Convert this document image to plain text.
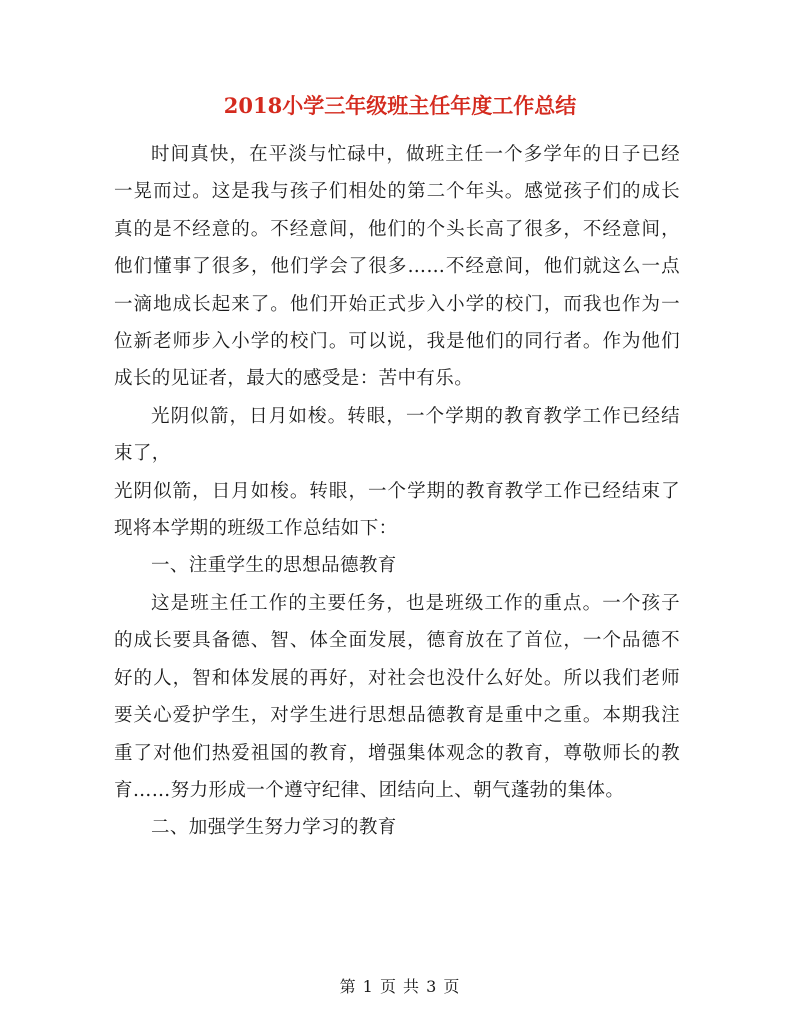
2018小学三年级班主任年度工作总结

时间真快，在平淡与忙碌中，做班主任一个多学年的日子已经一晃而过。这是我与孩子们相处的第二个年头。感觉孩子们的成长真的是不经意的。不经意间，他们的个头长高了很多，不经意间，他们懂事了很多，他们学会了很多……不经意间，他们就这么一点一滴地成长起来了。他们开始正式步入小学的校门，而我也作为一位新老师步入小学的校门。可以说，我是他们的同行者。作为他们成长的见证者，最大的感受是：苦中有乐。

光阴似箭，日月如梭。转眼，一个学期的教育教学工作已经结束了，

光阴似箭，日月如梭。转眼，一个学期的教育教学工作已经结束了现将本学期的班级工作总结如下：

一、注重学生的思想品德教育

这是班主任工作的主要任务，也是班级工作的重点。一个孩子的成长要具备德、智、体全面发展，德育放在了首位，一个品德不好的人，智和体发展的再好，对社会也没什么好处。所以我们老师要关心爱护学生，对学生进行思想品德教育是重中之重。本期我注重了对他们热爱祖国的教育，增强集体观念的教育，尊敬师长的教育……努力形成一个遵守纪律、团结向上、朝气蓬勃的集体。

二、加强学生努力学习的教育

第 1 页 共 3 页
